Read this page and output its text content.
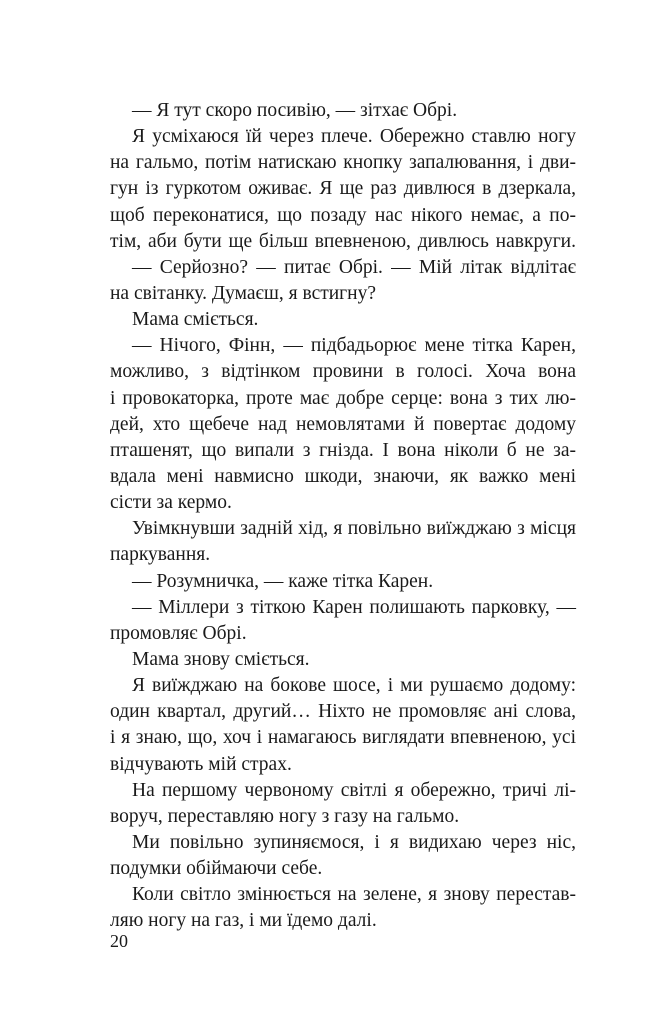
— Я тут скоро посивію, — зітхає Обрі.
Я усміхаюся їй через плече. Обережно ставлю ногу
на гальмо, потім натискаю кнопку запалювання, і дви-
гун із гуркотом оживає. Я ще раз дивлюся в дзеркала,
щоб переконатися, що позаду нас нікого немає, а по-
тім, аби бути ще більш впевненою, дивлюсь навкруги.
— Серйозно? — питає Обрі. — Мій літак відлітає
на світанку. Думаєш, я встигну?
Мама сміється.
— Нічого, Фінн, — підбадьорює мене тітка Карен,
можливо, з відтінком провини в голосі. Хоча вона
і провокаторка, проте має добре серце: вона з тих лю-
дей, хто щебече над немовлятами й повертає додому
пташенят, що випали з гнізда. І вона ніколи б не за-
вдала мені навмисно шкоди, знаючи, як важко мені
сісти за кермо.
Увімкнувши задній хід, я повільно виїжджаю з місця
паркування.
— Розумничка, — каже тітка Карен.
— Міллери з тіткою Карен полишають парковку, —
промовляє Обрі.
Мама знову сміється.
Я виїжджаю на бокове шосе, і ми рушаємо додому:
один квартал, другий… Ніхто не промовляє ані слова,
і я знаю, що, хоч і намагаюсь виглядати впевненою, усі
відчувають мій страх.
На першому червоному світлі я обережно, тричі лі-
воруч, переставляю ногу з газу на гальмо.
Ми повільно зупиняємося, і я видихаю через ніс,
подумки обіймаючи себе.
Коли світло змінюється на зелене, я знову перестав-
ляю ногу на газ, і ми їдемо далі.
20
